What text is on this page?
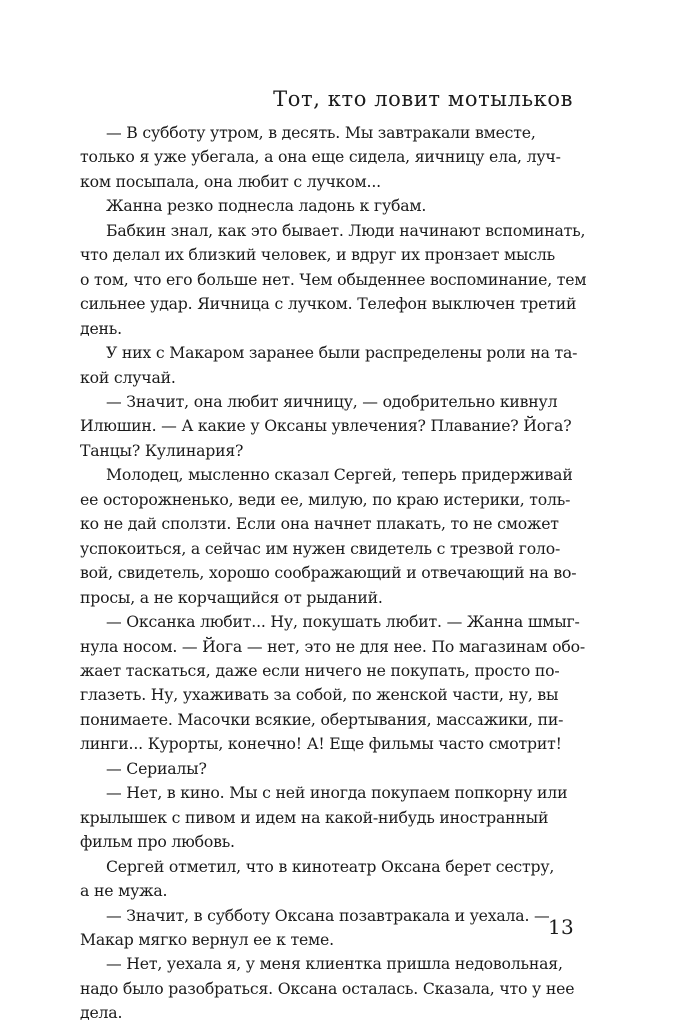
Тот, кто ловит мотыльков

— В субботу утром, в десять. Мы завтракали вместе,
только я уже убегала, а она еще сидела, яичницу ела, луч-
ком посыпала, она любит с лучком...

Жанна резко поднесла ладонь к губам.

Бабкин знал, как это бывает. Люди начинают вспоминать,
что делал их близкий человек, и вдруг их пронзает мысль
о том, что его больше нет. Чем обыденнее воспоминание, тем
сильнее удар. Яичница с лучком. Телефон выключен третий
день.

У них с Макаром заранее были распределены роли на та-
кой случай.

— Значит, она любит яичницу, — одобрительно кивнул
Илюшин. — А какие у Оксаны увлечения? Плавание? Йога?
Танцы? Кулинария?

Молодец, мысленно сказал Сергей, теперь придерживай
ее осторожненько, веди ее, милую, по краю истерики, толь-
ко не дай сползти. Если она начнет плакать, то не сможет
успокоиться, а сейчас им нужен свидетель с трезвой голо-
вой, свидетель, хорошо соображающий и отвечающий на во-
просы, а не корчащийся от рыданий.

— Оксанка любит... Ну, покушать любит. — Жанна шмыг-
нула носом. — Йога — нет, это не для нее. По магазинам обо-
жает таскаться, даже если ничего не покупать, просто по-
глазеть. Ну, ухаживать за собой, по женской части, ну, вы
понимаете. Масочки всякие, обертывания, массажики, пи-
линги... Курорты, конечно! А! Еще фильмы часто смотрит!

— Сериалы?

— Нет, в кино. Мы с ней иногда покупаем попкорну или
крылышек с пивом и идем на какой-нибудь иностранный
фильм про любовь.

Сергей отметил, что в кинотеатр Оксана берет сестру,
а не мужа.

— Значит, в субботу Оксана позавтракала и уехала. —
Макар мягко вернул ее к теме.

— Нет, уехала я, у меня клиентка пришла недовольная,
надо было разобраться. Оксана осталась. Сказала, что у нее
дела.

13
